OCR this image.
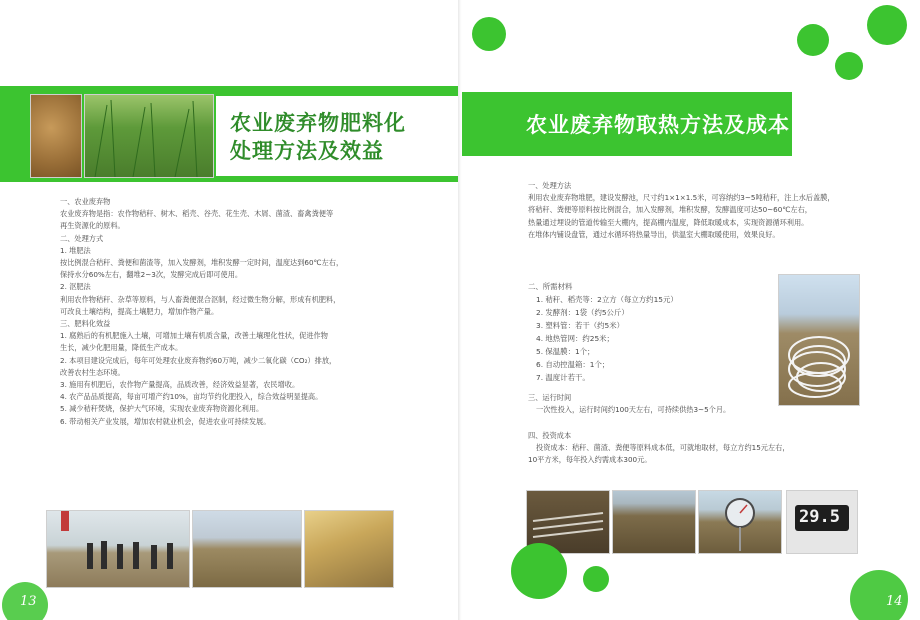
农业废弃物肥料化
处理方法及效益

一、农业废弃物

农业废弃物是指：农作物秸秆、树木、稻壳、谷壳、花生壳、木屑、菌渣、畜禽粪便等

再生资源化的原料。

二、处理方式

1. 堆肥法

按比例混合秸秆、粪便和菌渣等，加入发酵剂，堆积发酵一定时间，温度达到60℃左右，

保持水分60%左右，翻堆2~3次，发酵完成后即可使用。

2. 沤肥法

利用农作物秸秆、杂草等原料，与人畜粪便混合沤制，经过微生物分解，形成有机肥料，

可改良土壤结构，提高土壤肥力，增加作物产量。

三、肥料化效益

1. 腐熟后的有机肥施入土壤，可增加土壤有机质含量，改善土壤理化性状，促进作物

生长，减少化肥用量，降低生产成本。

2. 本项目建设完成后，每年可处理农业废弃物约60万吨，减少二氧化碳（CO₂）排放，

改善农村生态环境。

3. 施用有机肥后，农作物产量提高，品质改善，经济效益显著，农民增收。

4. 农产品品质提高，每亩可增产约10%，亩均节约化肥投入，综合效益明显提高。

5. 减少秸秆焚烧，保护大气环境，实现农业废弃物资源化利用。

6. 带动相关产业发展，增加农村就业机会，促进农业可持续发展。

13
农业废弃物取热方法及成本

一、处理方法

利用农业废弃物堆肥，建设发酵池，尺寸约1×1×1.5米，可容纳约3~5吨秸秆，注上水后盖膜，

将秸秆、粪便等原料按比例混合，加入发酵剂，堆积发酵，发酵温度可达50~60℃左右，

热量通过埋设的管道传输至大棚内，提高棚内温度，降低取暖成本，实现资源循环利用。

在堆体内铺设盘管，通过水循环将热量导出，供温室大棚取暖使用，效果良好。

二、所需材料
1. 秸秆、稻壳等：2立方（每立方约15元）
2. 发酵剂：1袋（约5公斤）
3. 塑料管：若干（约5米）
4. 地热管网：约25米；
5. 保温膜：1个；
6. 自动控温箱：1个；
7. 温度计若干。

三、运行时间

一次性投入，运行时间约100天左右，可持续供热3~5个月。

四、投资成本

投资成本：秸秆、菌渣、粪便等原料成本低，可就地取材，每立方约15元左右，

10平方米，每年投入约需成本300元。

29.5
14
